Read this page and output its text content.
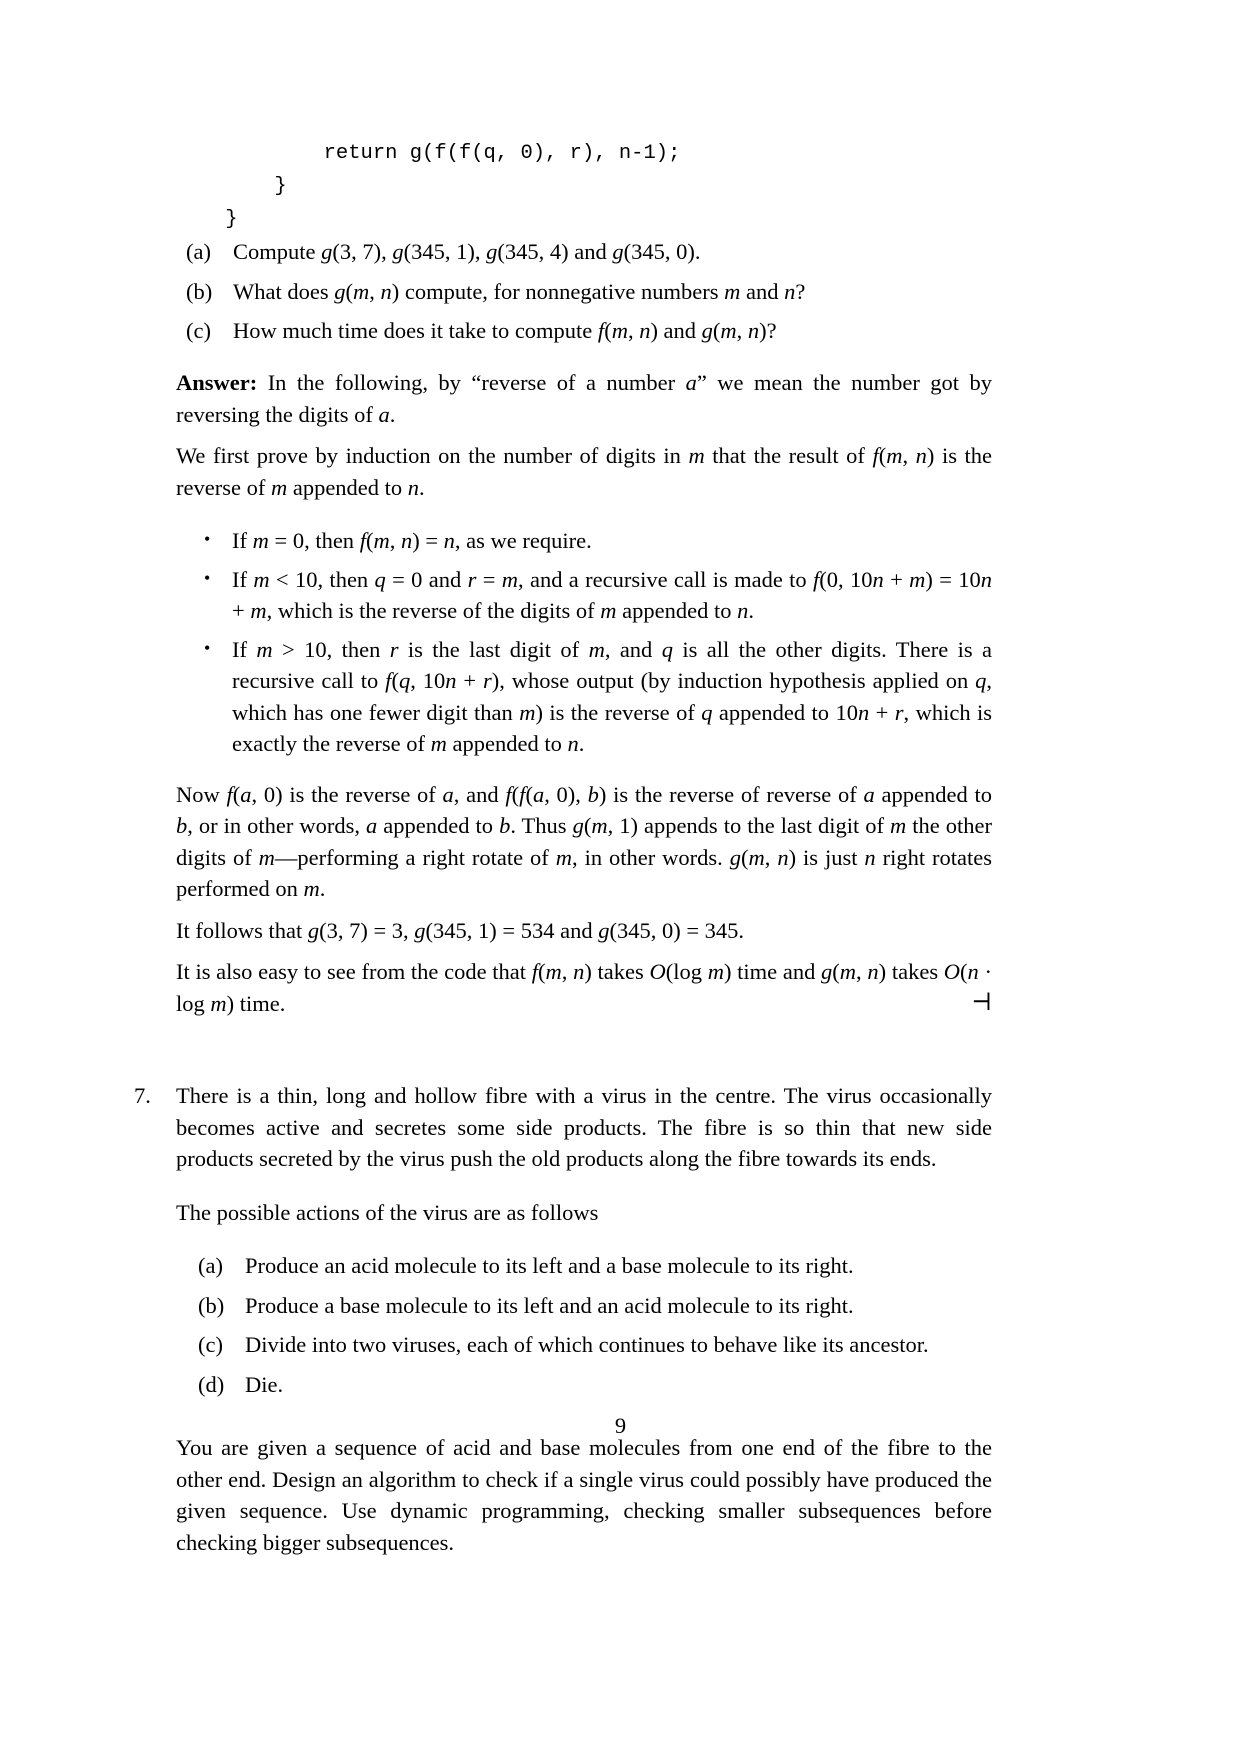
return g(f(f(q, 0), r), n-1);
}
}
(a) Compute g(3, 7), g(345, 1), g(345, 4) and g(345, 0).
(b) What does g(m, n) compute, for nonnegative numbers m and n?
(c) How much time does it take to compute f(m, n) and g(m, n)?

Answer: In the following, by “reverse of a number a” we mean the number got by reversing the digits of a.

We first prove by induction on the number of digits in m that the result of f(m, n) is the reverse of m appended to n.

• If m = 0, then f(m, n) = n, as we require.
• If m < 10, then q = 0 and r = m, and a recursive call is made to f(0, 10n + m) = 10n + m, which is the reverse of the digits of m appended to n.
• If m > 10, then r is the last digit of m, and q is all the other digits. There is a recursive call to f(q, 10n + r), whose output (by induction hypothesis applied on q, which has one fewer digit than m) is the reverse of q appended to 10n + r, which is exactly the reverse of m appended to n.

Now f(a, 0) is the reverse of a, and f(f(a, 0), b) is the reverse of reverse of a appended to b, or in other words, a appended to b. Thus g(m, 1) appends to the last digit of m the other digits of m—performing a right rotate of m, in other words. g(m, n) is just n right rotates performed on m.

It follows that g(3, 7) = 3, g(345, 1) = 534 and g(345, 0) = 345.

It is also easy to see from the code that f(m, n) takes O(log m) time and g(m, n) takes O(n · log m) time.	⊣

7. There is a thin, long and hollow fibre with a virus in the centre. The virus occasionally becomes active and secretes some side products. The fibre is so thin that new side products secreted by the virus push the old products along the fibre towards its ends.

The possible actions of the virus are as follows

(a) Produce an acid molecule to its left and a base molecule to its right.
(b) Produce a base molecule to its left and an acid molecule to its right.
(c) Divide into two viruses, each of which continues to behave like its ancestor.
(d) Die.

You are given a sequence of acid and base molecules from one end of the fibre to the other end. Design an algorithm to check if a single virus could possibly have produced the given sequence. Use dynamic programming, checking smaller subsequences before checking bigger subsequences.

9
